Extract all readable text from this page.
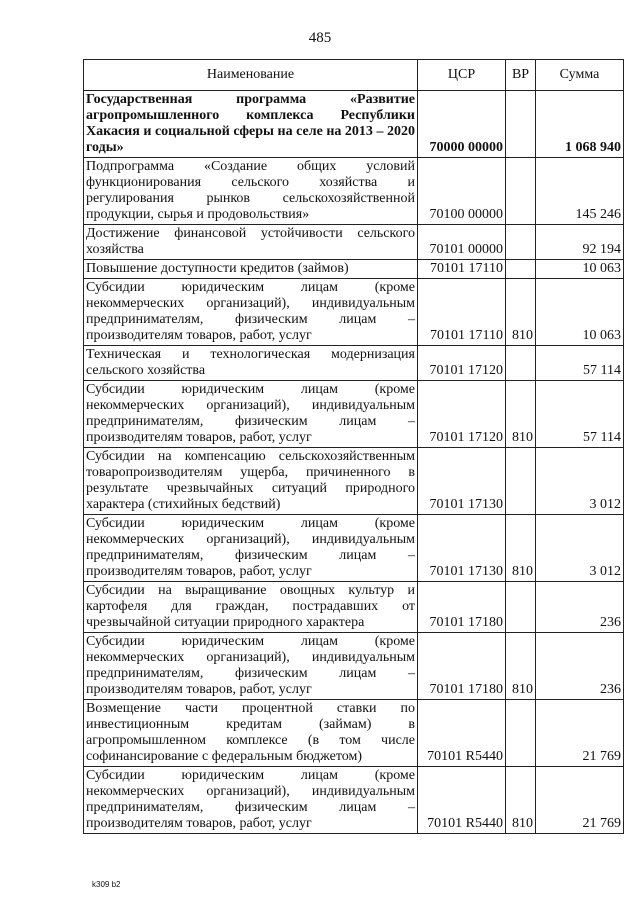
485
Наименование	ЦСР	ВР	Сумма
Государственная программа «Развитие агропромышленного комплекса Республики Хакасия и социальной сферы на селе на 2013 – 2020 годы»	70000 00000		1 068 940
Подпрограмма «Создание общих условий функционирования сельского хозяйства и регулирования рынков сельскохозяйственной продукции, сырья и продовольствия»	70100 00000		145 246
Достижение финансовой устойчивости сельского хозяйства	70101 00000		92 194
Повышение доступности кредитов (займов)	70101 17110		10 063
Субсидии юридическим лицам (кроме некоммерческих организаций), индивидуальным предпринимателям, физическим лицам – производителям товаров, работ, услуг	70101 17110	810	10 063
Техническая и технологическая модернизация сельского хозяйства	70101 17120		57 114
Субсидии юридическим лицам (кроме некоммерческих организаций), индивидуальным предпринимателям, физическим лицам – производителям товаров, работ, услуг	70101 17120	810	57 114
Субсидии на компенсацию сельскохозяйственным товаропроизводителям ущерба, причиненного в результате чрезвычайных ситуаций природного характера (стихийных бедствий)	70101 17130		3 012
Субсидии юридическим лицам (кроме некоммерческих организаций), индивидуальным предпринимателям, физическим лицам – производителям товаров, работ, услуг	70101 17130	810	3 012
Субсидии на выращивание овощных культур и картофеля для граждан, пострадавших от чрезвычайной ситуации природного характера	70101 17180		236
Субсидии юридическим лицам (кроме некоммерческих организаций), индивидуальным предпринимателям, физическим лицам – производителям товаров, работ, услуг	70101 17180	810	236
Возмещение части процентной ставки по инвестиционным кредитам (займам) в агропромышленном комплексе (в том числе софинансирование с федеральным бюджетом)	70101 R5440		21 769
Субсидии юридическим лицам (кроме некоммерческих организаций), индивидуальным предпринимателям, физическим лицам – производителям товаров, работ, услуг	70101 R5440	810	21 769
k309 b2
